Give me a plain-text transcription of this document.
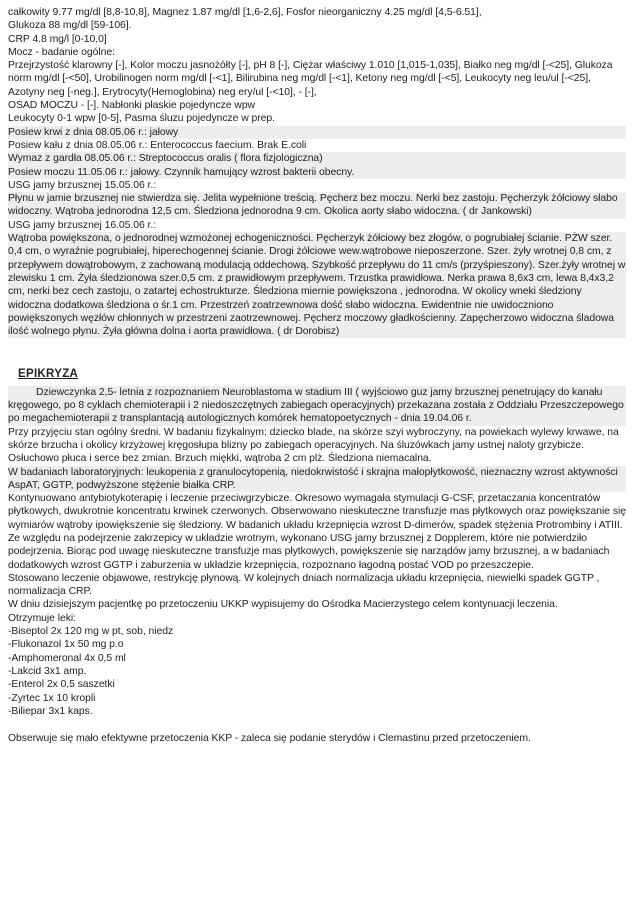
całkowity 9.77 mg/dl [8,8-10,8], Magnez 1.87 mg/dl [1,6-2,6], Fosfor nieorganiczny 4.25 mg/dl [4,5-6.51],

Glukoza 88 mg/dl [59-106].

CRP 4.8 mg/l [0-10,0]

Mocz - badanie ogólne:

Przejrzystość klarowny [-], Kolor moczu jasnożółty [-], pH 8 [-], Ciężar właściwy 1.010 [1,015-1,035], Białko neg mg/dl [-<25], Glukoza norm mg/dl [-<50], Urobilinogen norm mg/dl [-<1], Bilirubina neg mg/dl [-<1], Ketony neg mg/dl [-<5], Leukocyty neg leu/ul [-<25], Azotyny neg [-neg.], Erytrocyty(Hemoglobina) neg ery/ul [-<10], - [-],

OSAD MOCZU - [-]. Nabłonki płaskie pojedyncze wpw

Leukocyty 0-1 wpw [0-5], Pasma śluzu pojedyncze w prep.

Posiew krwi z dnia 08.05.06 r.: jałowy

Posiew kału z dnia 08.05.06 r.: Enterococcus faecium. Brak E.coli

Wymaz z gardła 08.05.06 r.: Streptococcus oralis ( flora fizjologiczna)

Posiew moczu 11.05.06 r.: jałowy. Czynnik hamujący wzrost bakterii obecny.

USG jamy brzusznej 15.05.06 r.:

Płynu w jamie brzusznej nie stwierdza się. Jelita wypełnione treścią. Pęcherz bez moczu. Nerki bez zastoju. Pęcherzyk żółciowy słabo widoczny. Wątroba jednorodna 12,5 cm. Śledziona jednorodna 9 cm. Okolica aorty słabo widoczna. ( dr Jankowski)

USG jamy brzusznej 16.05.06 r.:

Wątroba powiększona, o jednorodnej wzmożonej echogeniczności. Pęcherzyk żółciowy bez złogów, o pogrubiałej ścianie. PŻW szer. 0,4 cm, o wyraźnie pogrubiałej, hiperechogennej ścianie. Drogi żółciowe wew.wątrobowe nieposzerzone. Szer. żyły wrotnej 0,8 cm, z przepływem dowątrobowym, z zachowaną modulacją oddechową. Szybkość przepływu do 11 cm/s (przyśpieszony). Szer.żyły wrotnej w zlewisku 1 cm. Żyła śledzionowa szer.0,5 cm. z prawidłowym przepływem. Trzustka prawidłowa. Nerka prawa 8,6x3 cm, lewa 8,4x3,2 cm, nerki bez cech zastoju, o zatartej echostrukturze. Śledziona miernie powiększona , jednorodna. W okolicy wneki śledziony widoczna dodatkowa śledziona o śr.1 cm. Przestrzeń zoatrzewnowa dość słabo widoczna. Ewidentnie nie uwidoczniono powiększonych węzłów chłonnych w przestrzeni zaotrzewnowej. Pęcherz moczowy gładkościenny. Zapęcherzowo widoczna śladowa ilość wolnego płynu. Żyła główna dolna i aorta prawidłowa. ( dr Dorobisz)

EPIKRYZA

Dziewczynka 2,5- letnia z rozpoznaniem Neuroblastoma w stadium III ( wyjściowo guz jamy brzusznej penetrujący do kanału kręgowego, po 8 cyklach chemioterapii i 2 niedoszczętnych zabiegach operacyjnych) przekazana została z Oddziału Przeszczepowego po megachemioterapii z transplantacją autologicznych komórek hematopoetycznych - dnia 19.04.06 r.

Przy przyjęciu stan ogólny średni. W badaniu fizykalnym: dziecko blade, na skórze szyi wybroczyny, na powiekach wylewy krwawe, na skórze brzucha i okolicy krzyżowej kręgosłupa blizny po zabiegach operacyjnych. Na śluzówkach jamy ustnej naloty grzybicze. Osłuchowo płuca i serce bez zmian. Brzuch miękki, wątroba 2 cm plż. Śledziona niemacalna.

W badaniach laboratoryjnych: leukopenia z granulocytopenią, niedokrwistość i skrajna małopłytkowość, nieznaczny wzrost aktywności AspAT, GGTP, podwyższone stężenie białka CRP.

Kontynuowano antybiotykoterapię i leczenie przeciwgrzybicze. Okresowo wymagała stymulacji G-CSF, przetaczania koncentratów płytkowych, dwukrotnie koncentratu krwinek czerwonych. Obserwowano nieskuteczne transfuzje mas płytkowych oraz powiększanie się wymiarów wątroby ipowiększenie się śledziony. W badanich układu krzepnięcia wzrost D-dimerów, spadek stężenia Protrombiny i ATIII. Ze względu na podejrzenie zakrzepicy w układzie wrotnym, wykonano USG jamy brzusznej z Dopplerem, które nie potwierdziło podejrzenia. Biorąc pod uwagę nieskuteczne transfuzje mas płytkowych, powiększenie się narządów jamy brzusznej, a w badaniach dodatkowych wzrost GGTP i zaburzenia w układzie krzepnięcia, rozpoznano łagodną postać VOD po przeszczepie.

Stosowano leczenie objawowe, restrykcję płynową. W kolejnych dniach normalizacja układu krzepnięcia, niewielki spadek GGTP , normalizacja CRP.

W dniu dzisiejszym pacjentkę po przetoczeniu UKKP wypisujemy do Ośrodka Macierzystego celem kontynuacji leczenia.

Otrzymuje leki:

-Biseptol 2x 120 mg w pt, sob, niedz

-Flukonazol 1x 50 mg p.o

-Amphomeronal 4x 0,5 ml

-Lakcid 3x1 amp.

-Enterol 2x 0,5 saszetki

-Zyrtec 1x 10 kropli

-Biliepar 3x1 kaps.

Obserwuje się mało efektywne przetoczenia KKP - zaleca się podanie sterydów i Clemastinu przed przetoczeniem.
